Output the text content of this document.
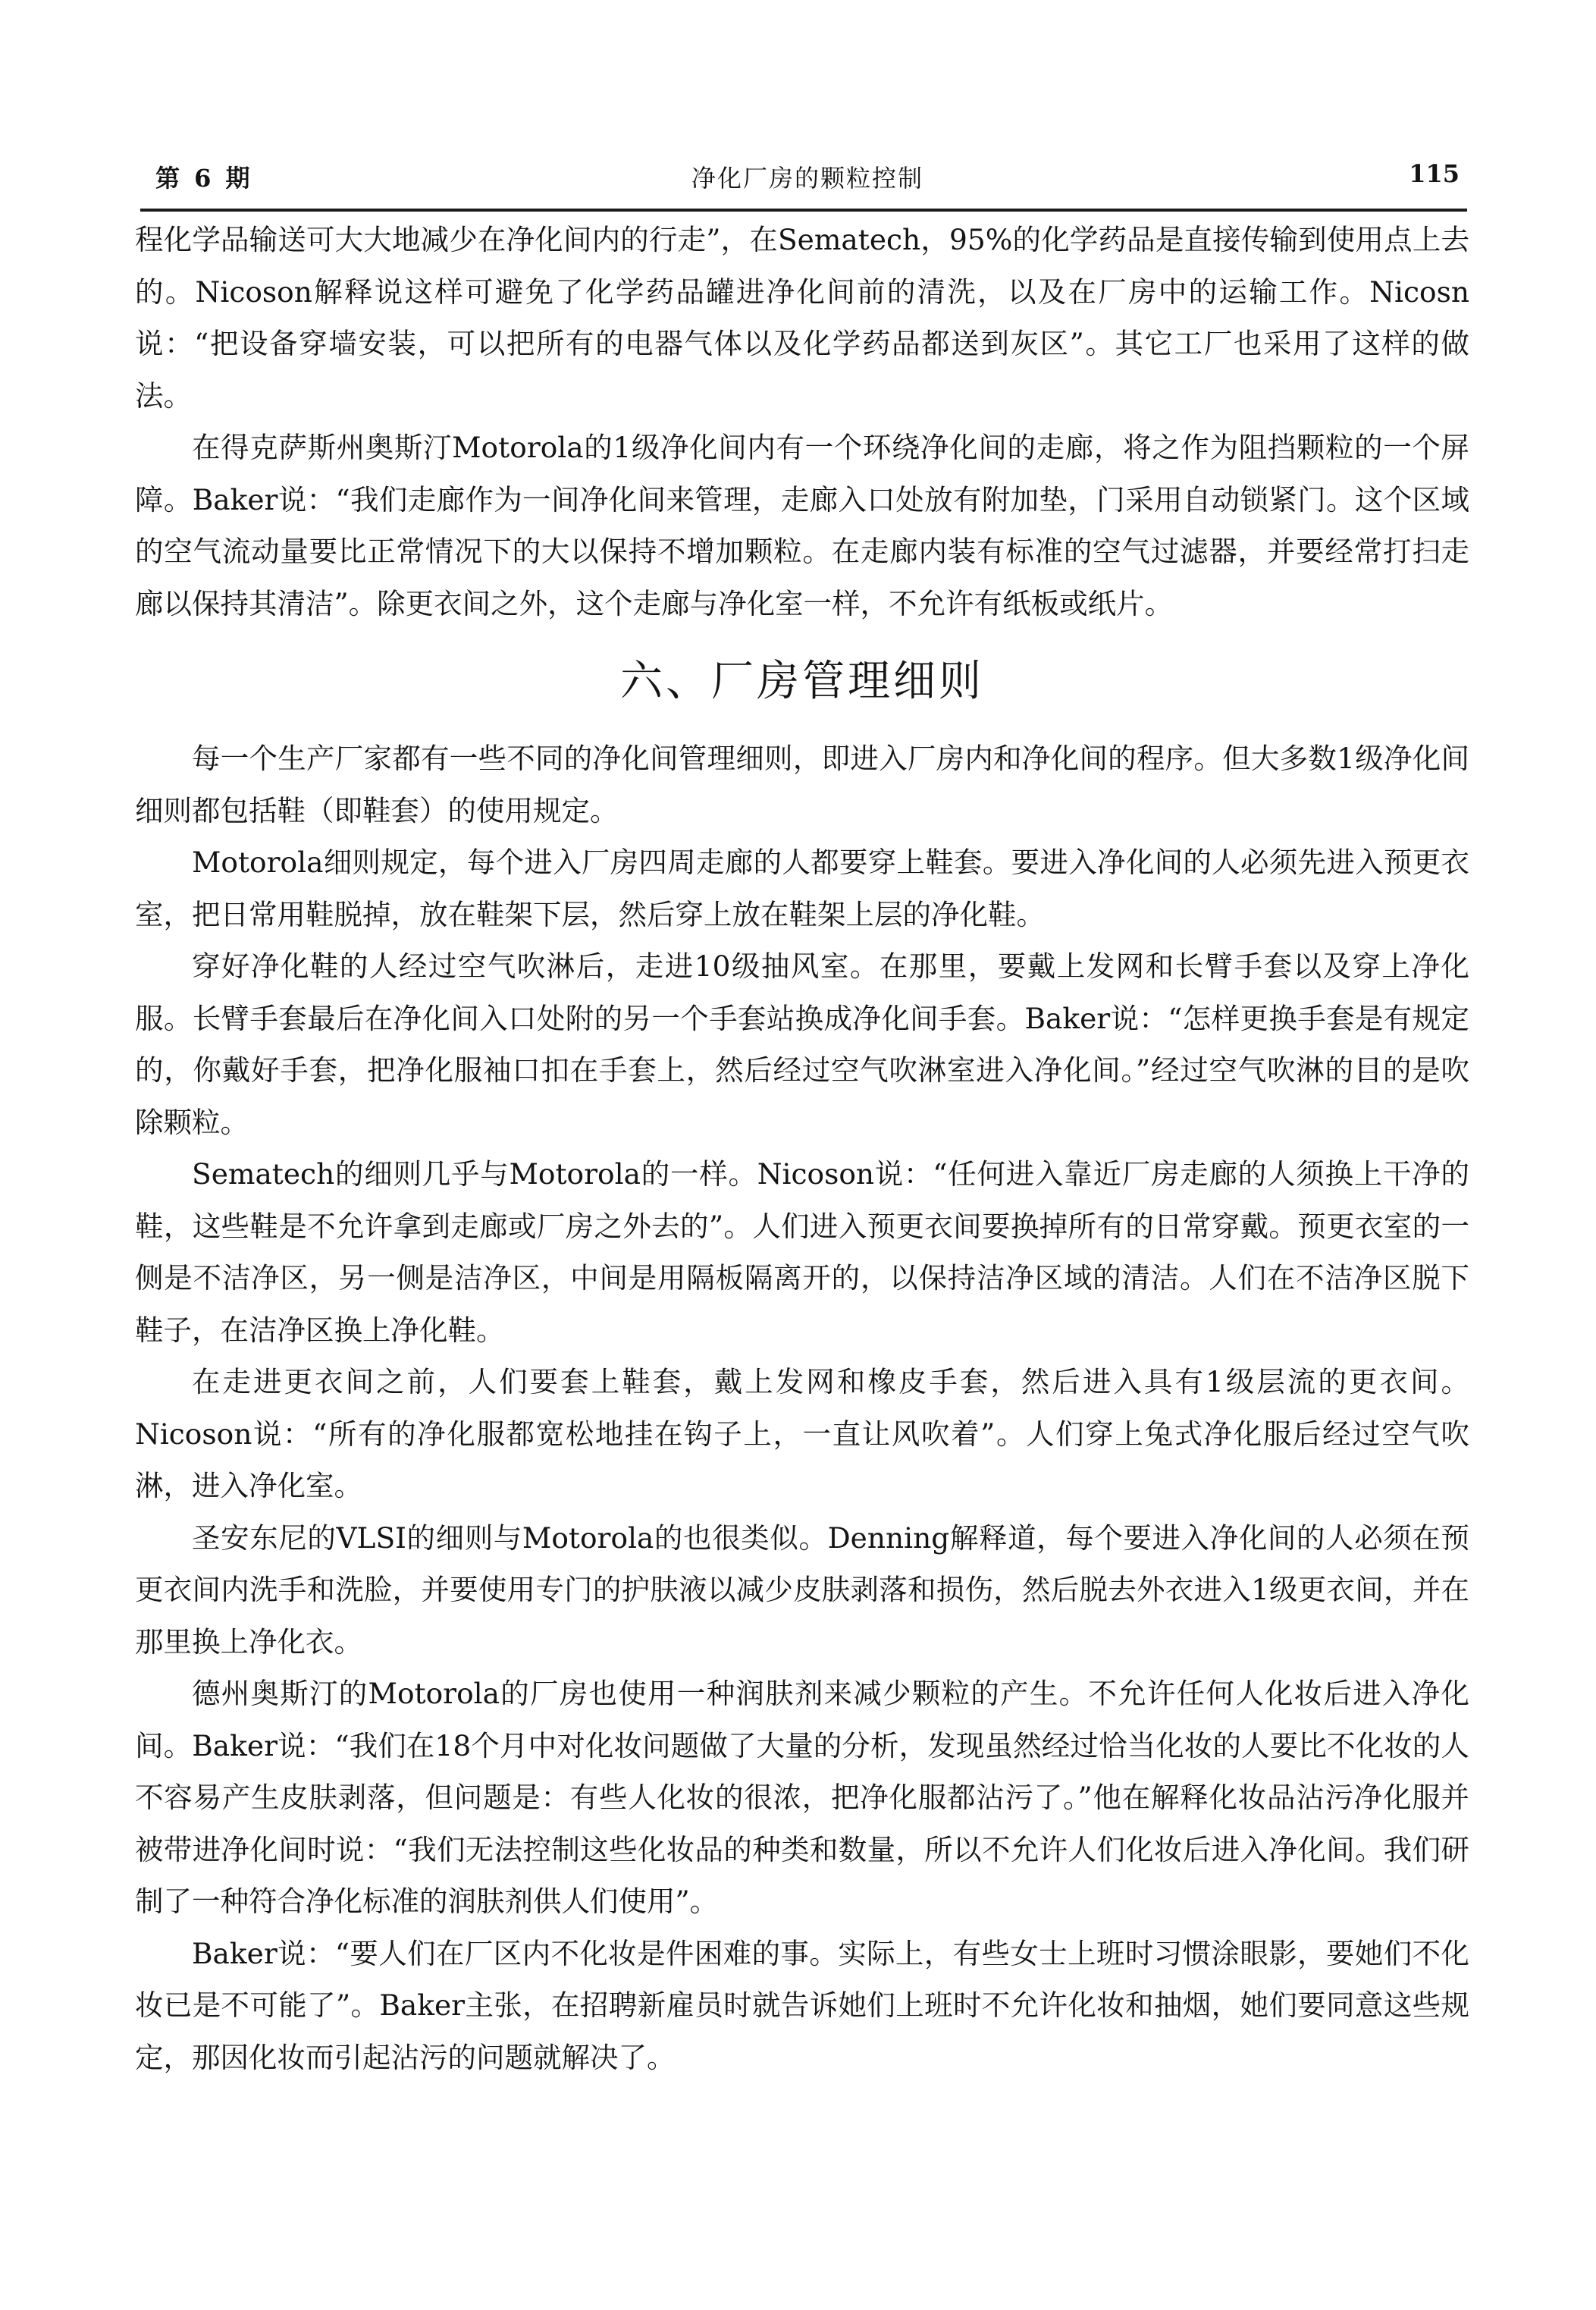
第 6 期	净化厂房的颗粒控制	115

程化学品输送可大大地减少在净化间内的行走”，在Sematech，95%的化学药品是直接传输到使用点上去的。Nicoson解释说这样可避免了化学药品罐进净化间前的清洗，以及在厂房中的运输工作。Nicosn说：“把设备穿墙安装，可以把所有的电器气体以及化学药品都送到灰区”。其它工厂也采用了这样的做法。

在得克萨斯州奥斯汀Motorola的1级净化间内有一个环绕净化间的走廊，将之作为阻挡颗粒的一个屏障。Baker说：“我们走廊作为一间净化间来管理，走廊入口处放有附加垫，门采用自动锁紧门。这个区域的空气流动量要比正常情况下的大以保持不增加颗粒。在走廊内装有标准的空气过滤器，并要经常打扫走廊以保持其清洁”。除更衣间之外，这个走廊与净化室一样，不允许有纸板或纸片。

六、厂房管理细则

每一个生产厂家都有一些不同的净化间管理细则，即进入厂房内和净化间的程序。但大多数1级净化间细则都包括鞋（即鞋套）的使用规定。

Motorola细则规定，每个进入厂房四周走廊的人都要穿上鞋套。要进入净化间的人必须先进入预更衣室，把日常用鞋脱掉，放在鞋架下层，然后穿上放在鞋架上层的净化鞋。

穿好净化鞋的人经过空气吹淋后，走进10级抽风室。在那里，要戴上发网和长臂手套以及穿上净化服。长臂手套最后在净化间入口处附的另一个手套站换成净化间手套。Baker说：“怎样更换手套是有规定的，你戴好手套，把净化服袖口扣在手套上，然后经过空气吹淋室进入净化间。”经过空气吹淋的目的是吹除颗粒。

Sematech的细则几乎与Motorola的一样。Nicoson说：“任何进入靠近厂房走廊的人须换上干净的鞋，这些鞋是不允许拿到走廊或厂房之外去的”。人们进入预更衣间要换掉所有的日常穿戴。预更衣室的一侧是不洁净区，另一侧是洁净区，中间是用隔板隔离开的，以保持洁净区域的清洁。人们在不洁净区脱下鞋子，在洁净区换上净化鞋。

在走进更衣间之前，人们要套上鞋套，戴上发网和橡皮手套，然后进入具有1级层流的更衣间。Nicoson说：“所有的净化服都宽松地挂在钩子上，一直让风吹着”。人们穿上兔式净化服后经过空气吹淋，进入净化室。

圣安东尼的VLSI的细则与Motorola的也很类似。Denning解释道，每个要进入净化间的人必须在预更衣间内洗手和洗脸，并要使用专门的护肤液以减少皮肤剥落和损伤，然后脱去外衣进入1级更衣间，并在那里换上净化衣。

德州奥斯汀的Motorola的厂房也使用一种润肤剂来减少颗粒的产生。不允许任何人化妆后进入净化间。Baker说：“我们在18个月中对化妆问题做了大量的分析，发现虽然经过恰当化妆的人要比不化妆的人不容易产生皮肤剥落，但问题是：有些人化妆的很浓，把净化服都沾污了。”他在解释化妆品沾污净化服并被带进净化间时说：“我们无法控制这些化妆品的种类和数量，所以不允许人们化妆后进入净化间。我们研制了一种符合净化标准的润肤剂供人们使用”。

Baker说：“要人们在厂区内不化妆是件困难的事。实际上，有些女士上班时习惯涂眼影，要她们不化妆已是不可能了”。Baker主张，在招聘新雇员时就告诉她们上班时不允许化妆和抽烟，她们要同意这些规定，那因化妆而引起沾污的问题就解决了。
